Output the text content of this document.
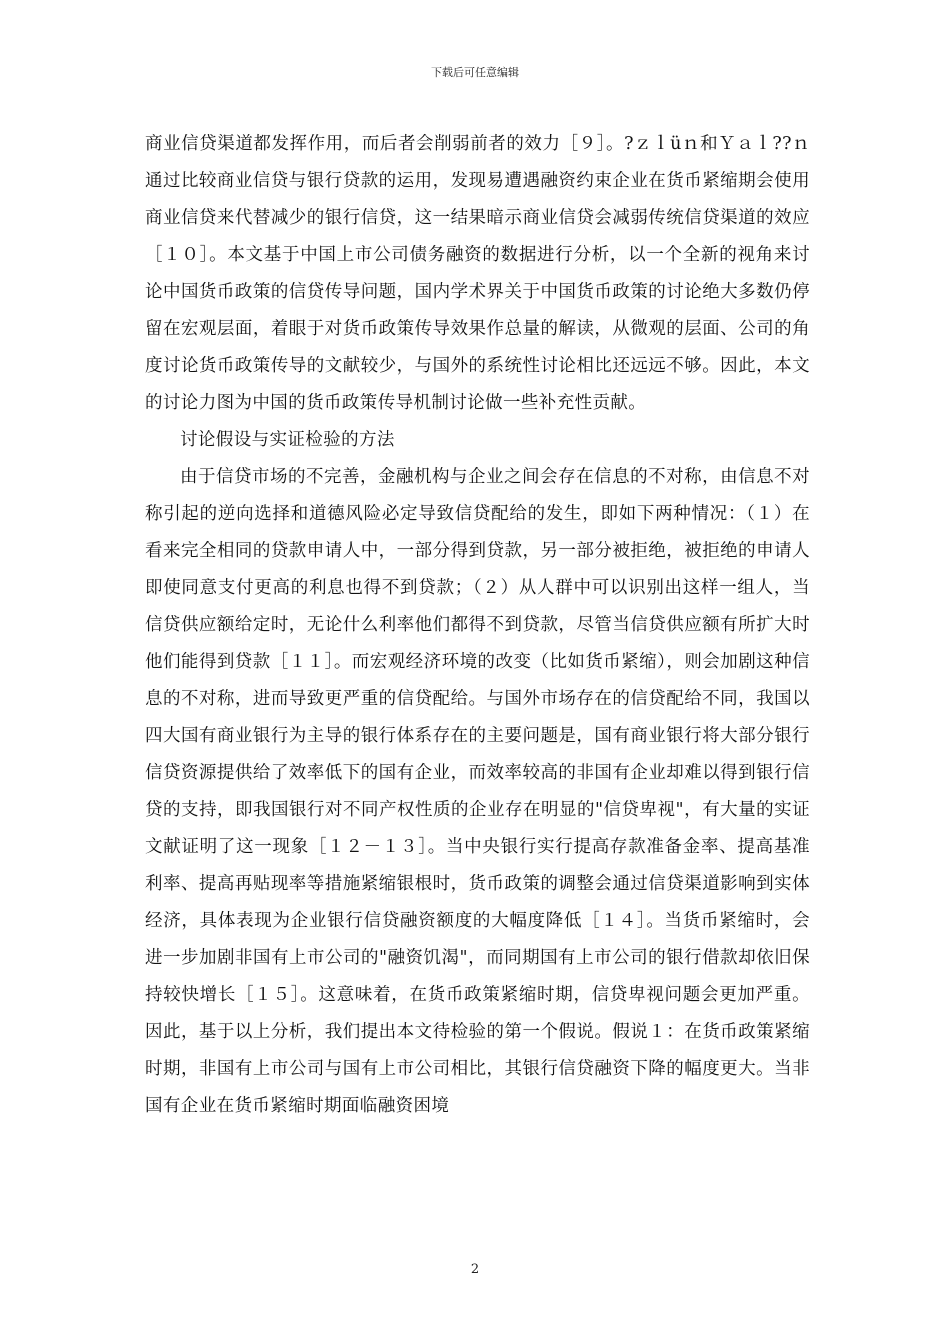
下载后可任意编辑

商业信贷渠道都发挥作用，而后者会削弱前者的效力［９］。?ｚｌüｎ和Ｙａｌ??ｎ通过比较商业信贷与银行贷款的运用，发现易遭遇融资约束企业在货币紧缩期会使用商业信贷来代替减少的银行信贷，这一结果暗示商业信贷会减弱传统信贷渠道的效应［１０］。本文基于中国上市公司债务融资的数据进行分析，以一个全新的视角来讨论中国货币政策的信贷传导问题，国内学术界关于中国货币政策的讨论绝大多数仍停留在宏观层面，着眼于对货币政策传导效果作总量的解读，从微观的层面、公司的角度讨论货币政策传导的文献较少，与国外的系统性讨论相比还远远不够。因此，本文的讨论力图为中国的货币政策传导机制讨论做一些补充性贡献。

讨论假设与实证检验的方法

由于信贷市场的不完善，金融机构与企业之间会存在信息的不对称，由信息不对称引起的逆向选择和道德风险必定导致信贷配给的发生，即如下两种情况：（１）在看来完全相同的贷款申请人中，一部分得到贷款，另一部分被拒绝，被拒绝的申请人即使同意支付更高的利息也得不到贷款；（２）从人群中可以识别出这样一组人，当信贷供应额给定时，无论什么利率他们都得不到贷款，尽管当信贷供应额有所扩大时他们能得到贷款［１１］。而宏观经济环境的改变（比如货币紧缩），则会加剧这种信息的不对称，进而导致更严重的信贷配给。与国外市场存在的信贷配给不同，我国以四大国有商业银行为主导的银行体系存在的主要问题是，国有商业银行将大部分银行信贷资源提供给了效率低下的国有企业，而效率较高的非国有企业却难以得到银行信贷的支持，即我国银行对不同产权性质的企业存在明显的"信贷卑视"，有大量的实证文献证明了这一现象［１２－１３］。当中央银行实行提高存款准备金率、提高基准利率、提高再贴现率等措施紧缩银根时，货币政策的调整会通过信贷渠道影响到实体经济，具体表现为企业银行信贷融资额度的大幅度降低［１４］。当货币紧缩时，会进一步加剧非国有上市公司的"融资饥渴"，而同期国有上市公司的银行借款却依旧保持较快增长［１５］。这意味着，在货币政策紧缩时期，信贷卑视问题会更加严重。因此，基于以上分析，我们提出本文待检验的第一个假说。假说１：在货币政策紧缩时期，非国有上市公司与国有上市公司相比，其银行信贷融资下降的幅度更大。当非国有企业在货币紧缩时期面临融资困境

2
